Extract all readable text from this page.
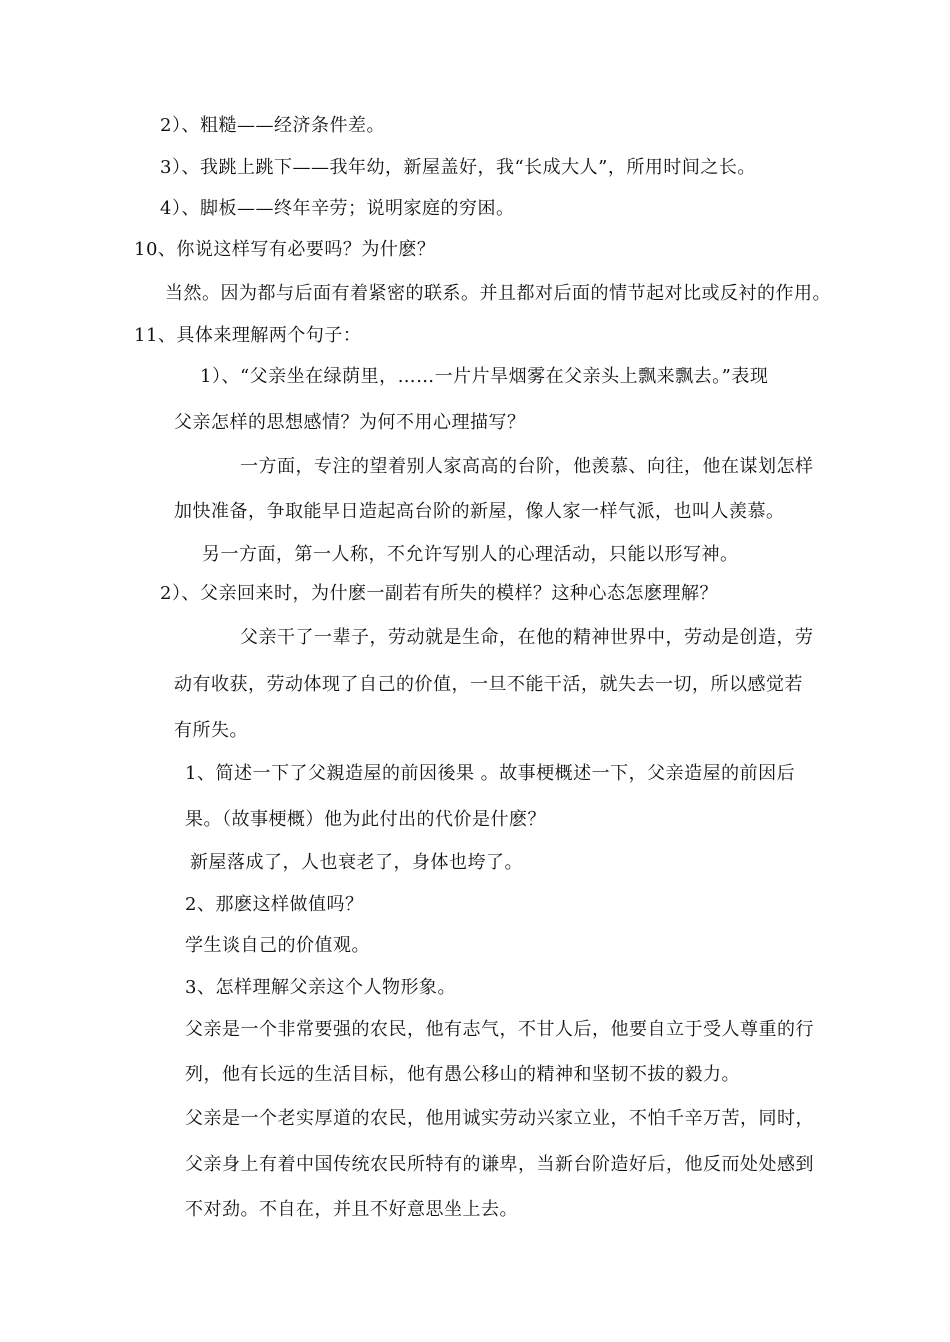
2）、粗糙——经济条件差。
3）、我跳上跳下——我年幼，新屋盖好，我“长成大人”，所用时间之长。
4）、脚板——终年辛劳；说明家庭的穷困。
10、你说这样写有必要吗？为什麽？
当然。因为都与后面有着紧密的联系。并且都对后面的情节起对比或反衬的作用。
11、具体来理解两个句子：
1）、“父亲坐在绿荫里，……一片片旱烟雾在父亲头上飘来飘去。”表现
父亲怎样的思想感情？为何不用心理描写？
一方面，专注的望着别人家高高的台阶，他羡慕、向往，他在谋划怎样
加快准备，争取能早日造起高台阶的新屋，像人家一样气派，也叫人羡慕。
另一方面，第一人称，不允许写别人的心理活动，只能以形写神。
2）、父亲回来时，为什麽一副若有所失的模样？这种心态怎麽理解？
父亲干了一辈子，劳动就是生命，在他的精神世界中，劳动是创造，劳
动有收获，劳动体现了自己的价值，一旦不能干活，就失去一切，所以感觉若
有所失。
1、简述一下了父親造屋的前因後果 。故事梗概述一下，父亲造屋的前因后
果。（故事梗概）他为此付出的代价是什麽？
新屋落成了，人也衰老了，身体也垮了。
2、那麽这样做值吗？
学生谈自己的价值观。
3、怎样理解父亲这个人物形象。
父亲是一个非常要强的农民，他有志气，不甘人后，他要自立于受人尊重的行
列，他有长远的生活目标，他有愚公移山的精神和坚韧不拔的毅力。
父亲是一个老实厚道的农民，他用诚实劳动兴家立业，不怕千辛万苦，同时，
父亲身上有着中国传统农民所特有的谦卑，当新台阶造好后，他反而处处感到
不对劲。不自在，并且不好意思坐上去。
